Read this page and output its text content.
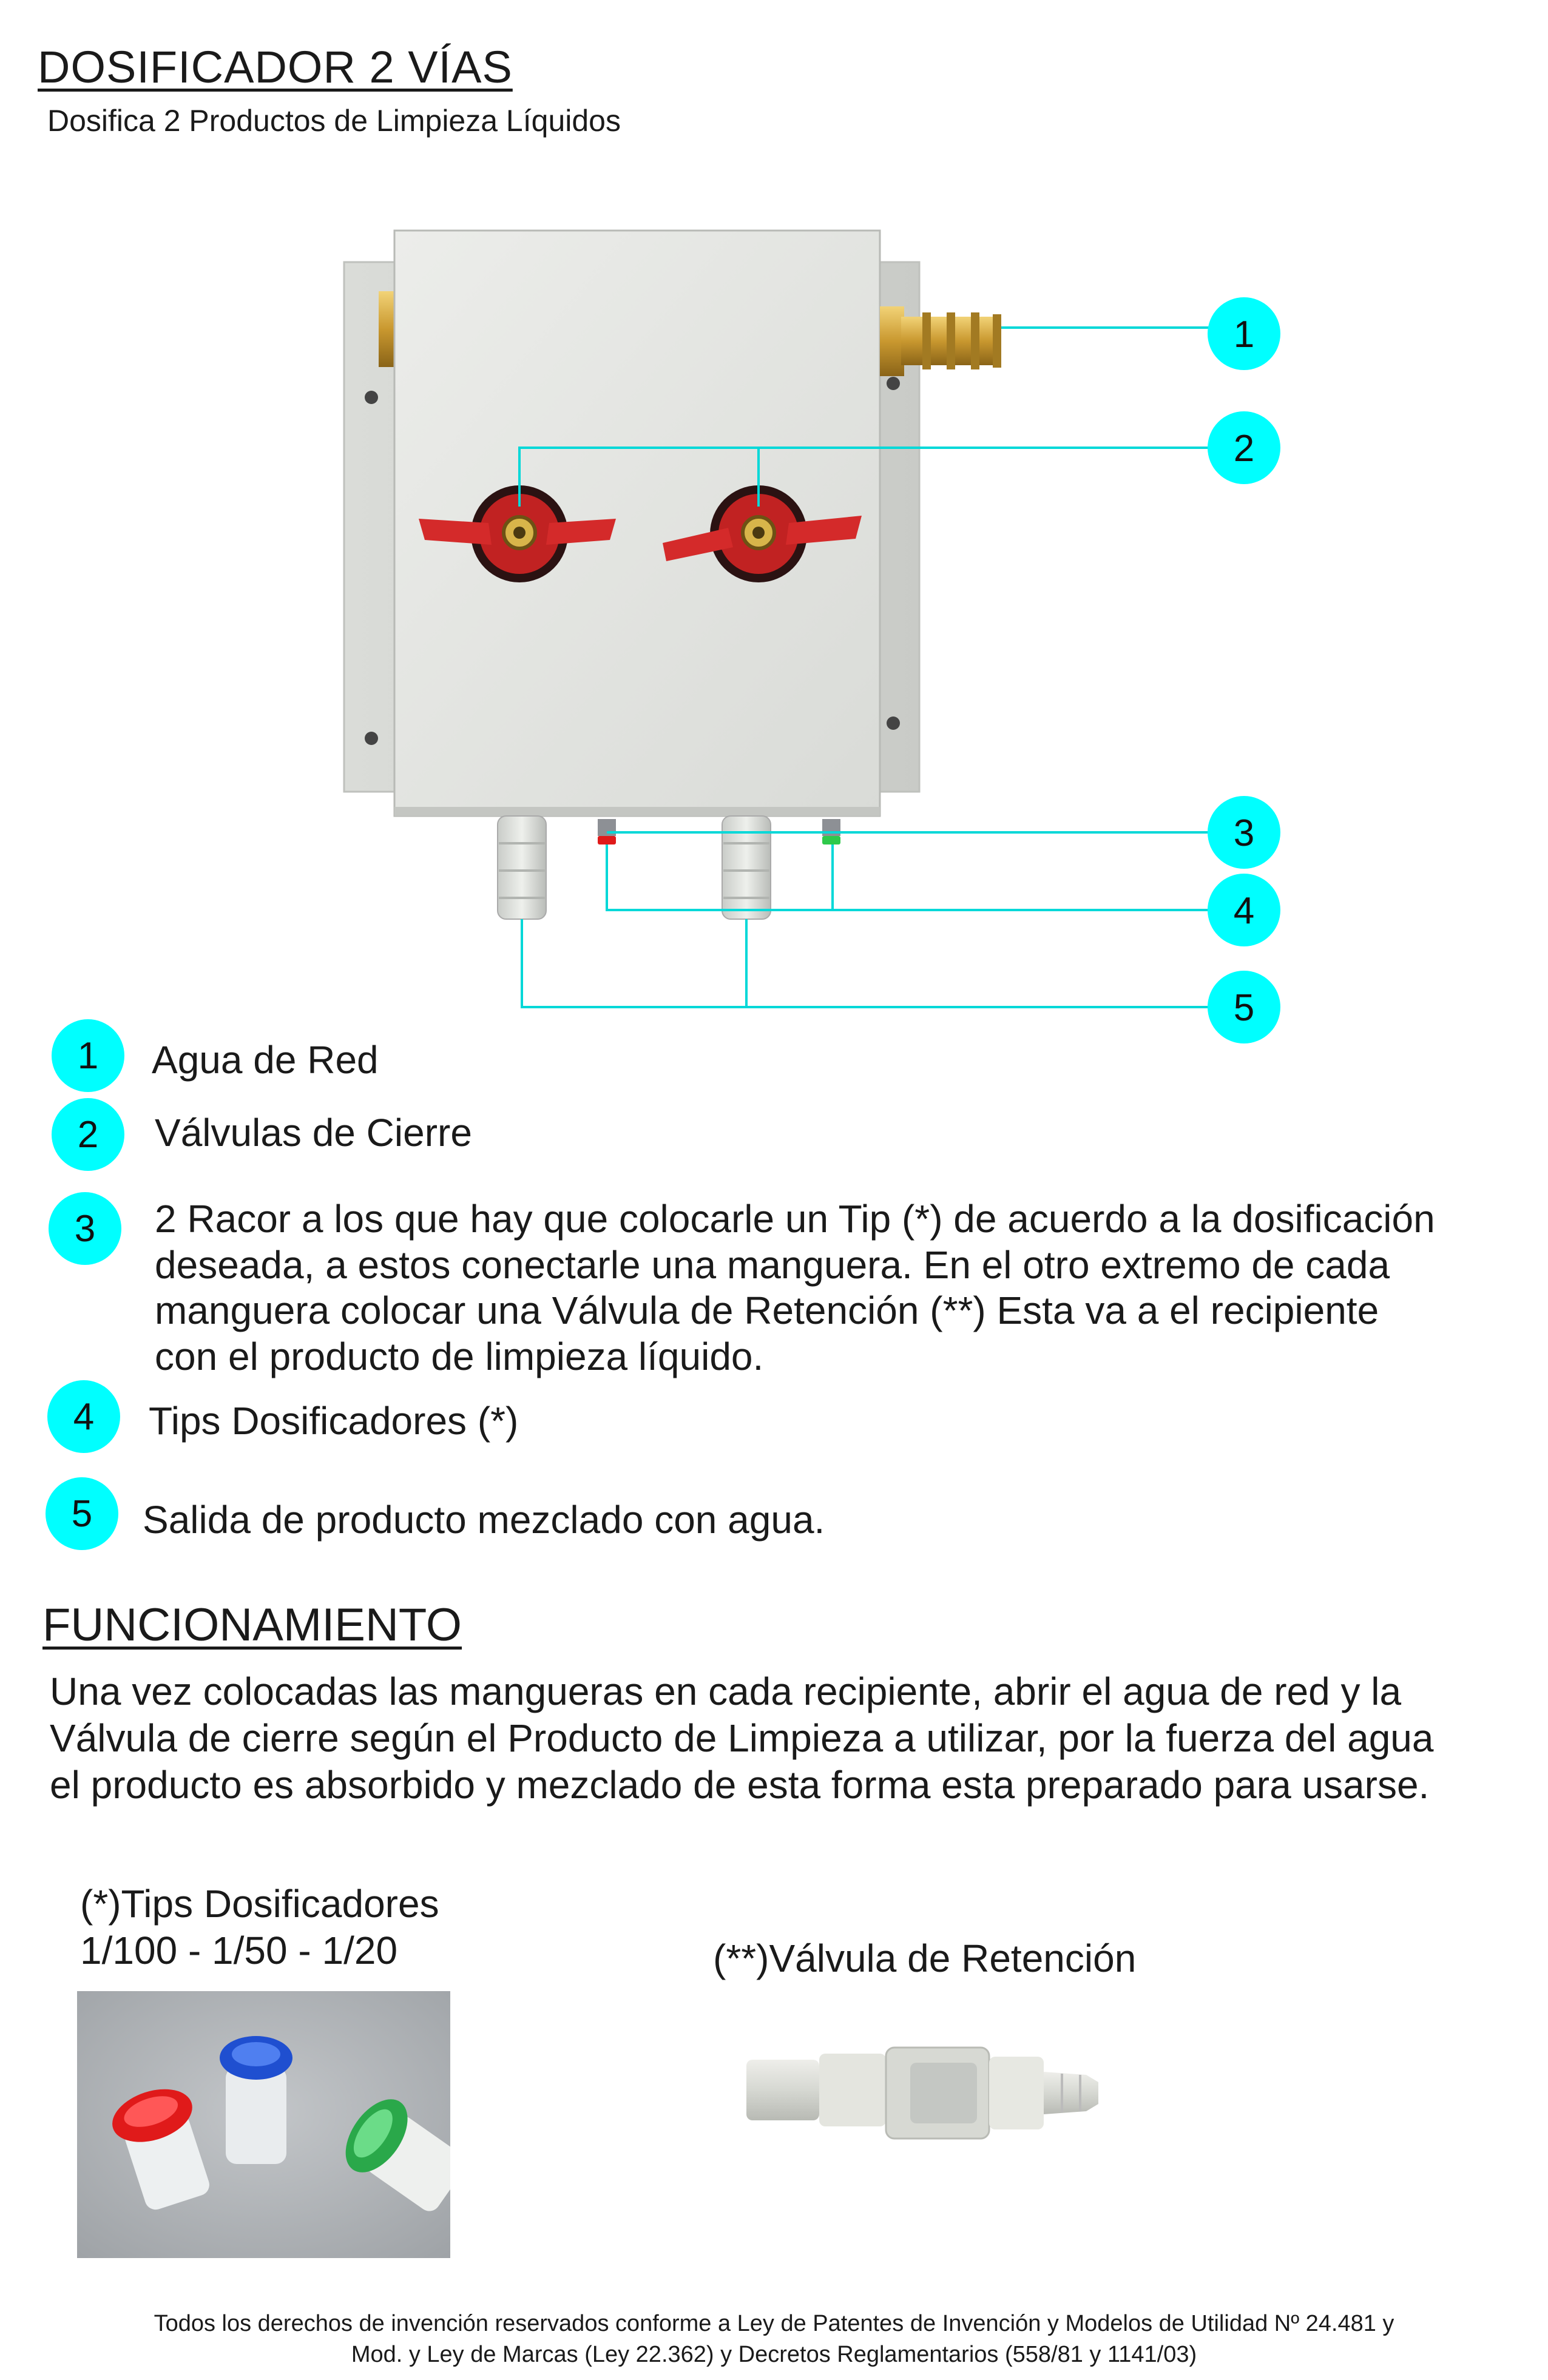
DOSIFICADOR 2 VÍAS
Dosifica 2 Productos de Limpieza Líquidos
1
2
3
4
5
1	Agua de Red
2	Válvulas de Cierre
3	2 Racor a los que hay que colocarle un Tip (*) de acuerdo a la dosificación
deseada, a estos conectarle una manguera. En el otro extremo de cada
manguera colocar una Válvula de Retención (**) Esta va a el recipiente
con el producto de limpieza líquido.
4	Tips Dosificadores (*)
5	Salida de producto mezclado con agua.
FUNCIONAMIENTO
Una vez colocadas las mangueras en cada recipiente, abrir el agua de red y la
Válvula de cierre según el Producto de Limpieza a utilizar, por la fuerza del agua
el producto es absorbido y mezclado de esta forma esta preparado para usarse.
(*)Tips Dosificadores
1/100 - 1/50 - 1/20	(**)Válvula de Retención
Todos los derechos de invención reservados conforme a Ley de Patentes de Invención y Modelos de Utilidad Nº 24.481 y
Mod. y Ley de Marcas (Ley 22.362) y Decretos Reglamentarios (558/81 y 1141/03)
